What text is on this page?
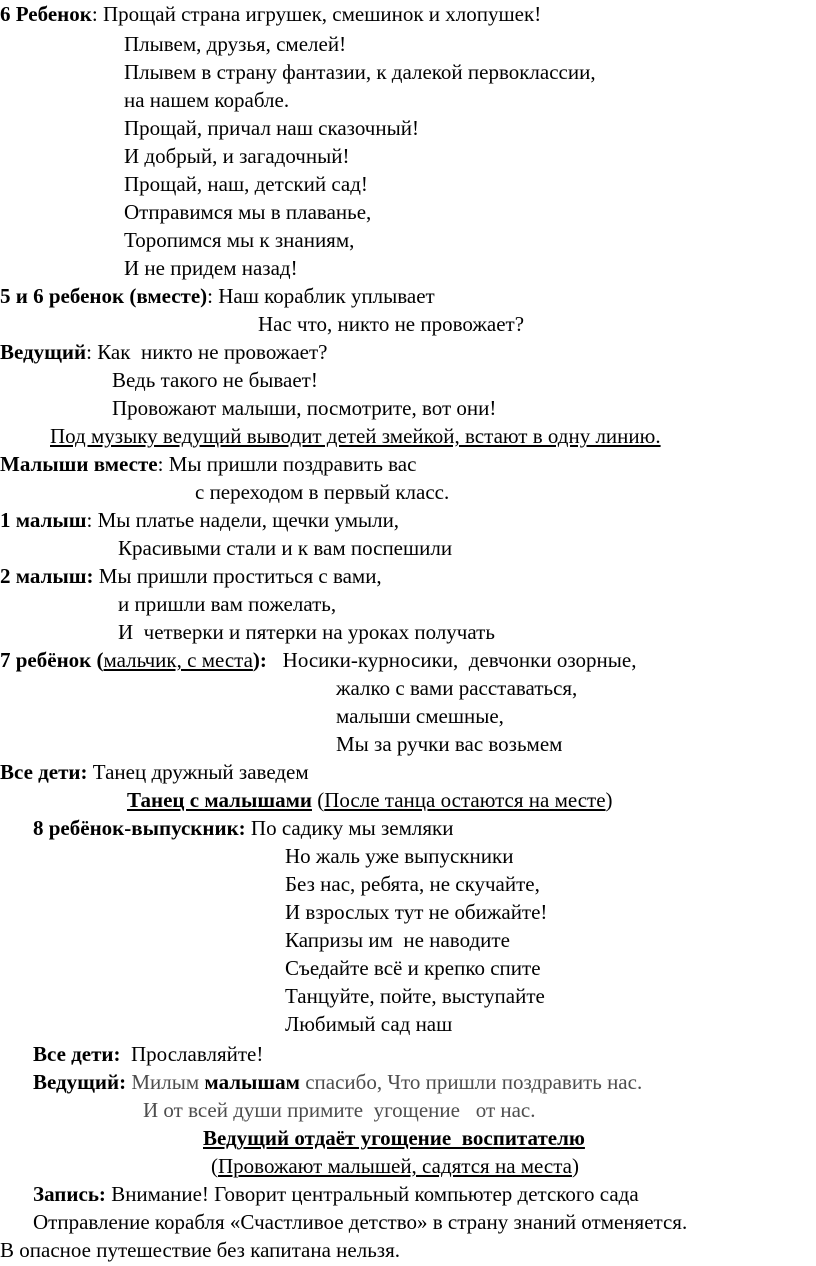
6 Ребенок: Прощай страна игрушек, смешинок и хлопушек!
Плывем, друзья, смелей!
Плывем в страну фантазии, к далекой первоклассии,
на нашем корабле.
Прощай, причал наш сказочный!
И добрый, и загадочный!
Прощай, наш, детский сад!
Отправимся мы в плаванье,
Торопимся мы к знаниям,
И не придем назад!
5 и 6 ребенок (вместе): Наш кораблик уплывает
Нас что, никто не провожает?
Ведущий: Как  никто не провожает?
Ведь такого не бывает!
Провожают малыши, посмотрите, вот они!
Под музыку ведущий выводит детей змейкой, встают в одну линию.
Малыши вместе: Мы пришли поздравить вас
с переходом в первый класс.
1 малыш: Мы платье надели, щечки умыли,
Красивыми стали и к вам поспешили
2 малыш: Мы пришли проститься с вами,
и пришли вам пожелать,
И  четверки и пятерки на уроках получать
7 ребёнок (мальчик, с места): Носики-курносики,  девчонки озорные,
жалко с вами расставаться,
малыши смешные,
Мы за ручки вас возьмем
Все дети: Танец дружный заведем
Танец с малышами (После танца остаются на месте)
8 ребёнок-выпускник: По садику мы земляки
Но жаль уже выпускники
Без нас, ребята, не скучайте,
И взрослых тут не обижайте!
Капризы им  не наводите
Съедайте всё и крепко спите
Танцуйте, пойте, выступайте
Любимый сад наш
Все дети: Прославляйте!
Ведущий: Милым малышам спасибо, Что пришли поздравить нас.
И от всей души примите  угощение   от нас.
Ведущий отдаёт угощение  воспитателю
(Провожают малышей, садятся на места)
Запись: Внимание! Говорит центральный компьютер детского сада
Отправление корабля «Счастливое детство» в страну знаний отменяется.
В опасное путешествие без капитана нельзя.
